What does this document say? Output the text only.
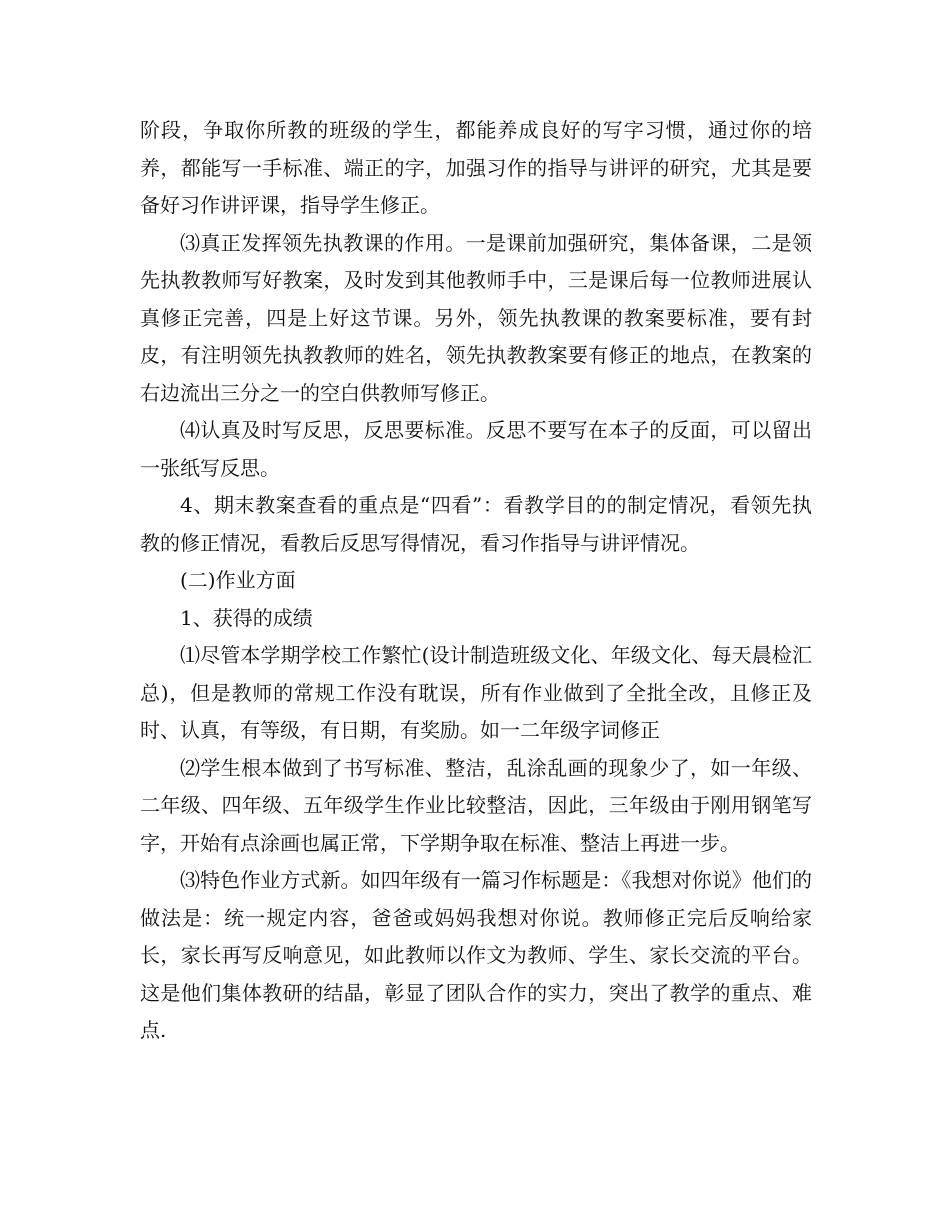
阶段，争取你所教的班级的学生，都能养成良好的写字习惯，通过你的培养，都能写一手标准、端正的字，加强习作的指导与讲评的研究，尤其是要备好习作讲评课，指导学生修正。

⑶真正发挥领先执教课的作用。一是课前加强研究，集体备课，二是领先执教教师写好教案，及时发到其他教师手中，三是课后每一位教师进展认真修正完善，四是上好这节课。另外，领先执教课的教案要标准，要有封皮，有注明领先执教教师的姓名，领先执教教案要有修正的地点，在教案的右边流出三分之一的空白供教师写修正。

⑷认真及时写反思，反思要标准。反思不要写在本子的反面，可以留出一张纸写反思。

4、期末教案查看的重点是“四看”：看教学目的的制定情况，看领先执教的修正情况，看教后反思写得情况，看习作指导与讲评情况。

(二)作业方面

1、获得的成绩

⑴尽管本学期学校工作繁忙(设计制造班级文化、年级文化、每天晨检汇总)，但是教师的常规工作没有耽误，所有作业做到了全批全改，且修正及时、认真，有等级，有日期，有奖励。如一二年级字词修正

⑵学生根本做到了书写标准、整洁，乱涂乱画的现象少了，如一年级、二年级、四年级、五年级学生作业比较整洁，因此，三年级由于刚用钢笔写字，开始有点涂画也属正常，下学期争取在标准、整洁上再进一步。

⑶特色作业方式新。如四年级有一篇习作标题是：《我想对你说》他们的做法是：统一规定内容，爸爸或妈妈我想对你说。教师修正完后反响给家长，家长再写反响意见，如此教师以作文为教师、学生、家长交流的平台。这是他们集体教研的结晶，彰显了团队合作的实力，突出了教学的重点、难点.
